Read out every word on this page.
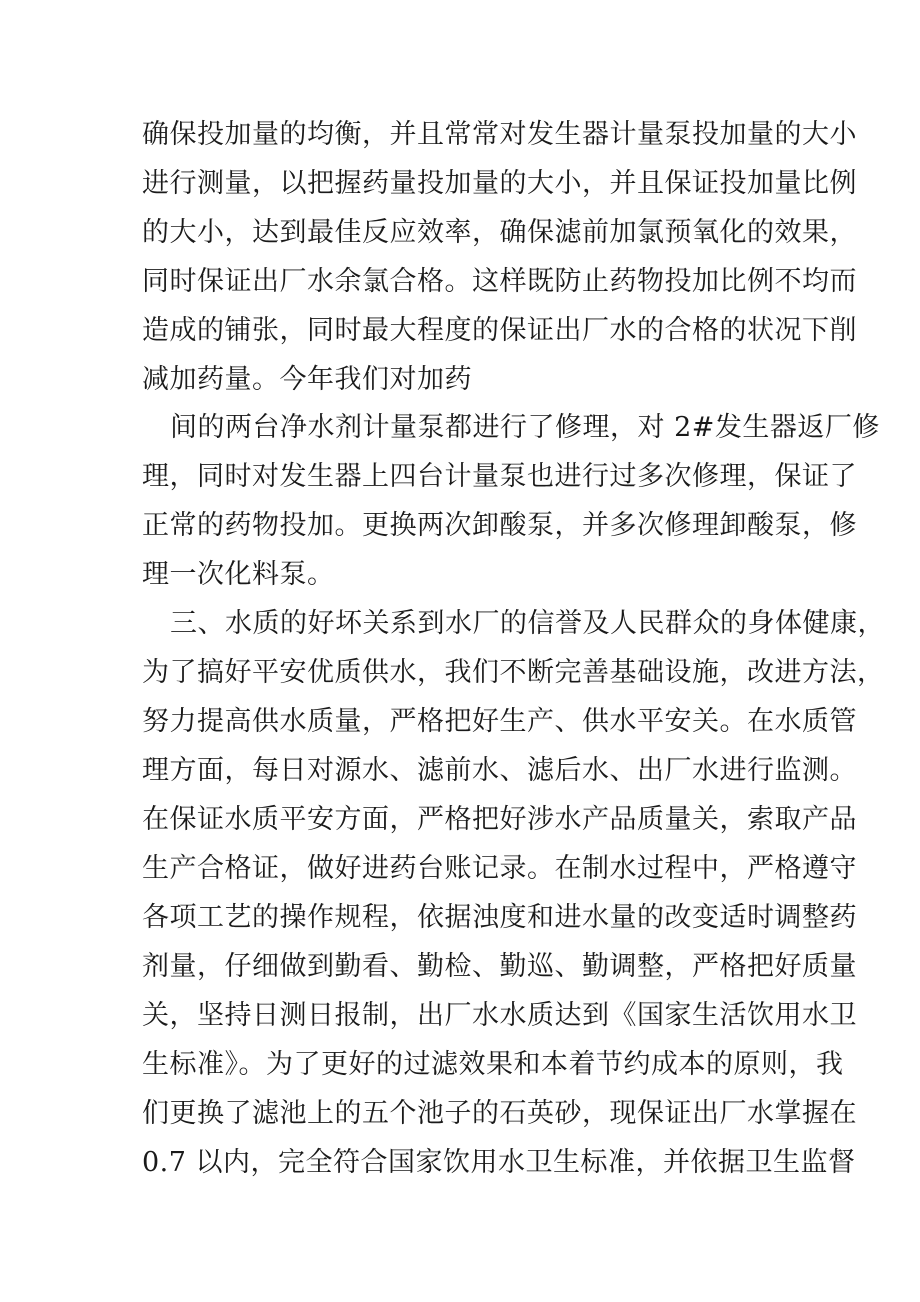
确保投加量的均衡，并且常常对发生器计量泵投加量的大小
进行测量，以把握药量投加量的大小，并且保证投加量比例
的大小，达到最佳反应效率，确保滤前加氯预氧化的效果，
同时保证出厂水余氯合格。这样既防止药物投加比例不均而
造成的铺张，同时最大程度的保证出厂水的合格的状况下削
减加药量。今年我们对加药
间的两台净水剂计量泵都进行了修理，对 2#发生器返厂修
理，同时对发生器上四台计量泵也进行过多次修理，保证了
正常的药物投加。更换两次卸酸泵，并多次修理卸酸泵，修
理一次化料泵。
三、水质的好坏关系到水厂的信誉及人民群众的身体健康，
为了搞好平安优质供水，我们不断完善基础设施，改进方法，
努力提高供水质量，严格把好生产、供水平安关。在水质管
理方面，每日对源水、滤前水、滤后水、出厂水进行监测。
在保证水质平安方面，严格把好涉水产品质量关，索取产品
生产合格证，做好进药台账记录。在制水过程中，严格遵守
各项工艺的操作规程，依据浊度和进水量的改变适时调整药
剂量，仔细做到勤看、勤检、勤巡、勤调整，严格把好质量
关，坚持日测日报制，出厂水水质达到《国家生活饮用水卫
生标准》。为了更好的过滤效果和本着节约成本的原则，我
们更换了滤池上的五个池子的石英砂，现保证出厂水掌握在
0.7 以内，完全符合国家饮用水卫生标准，并依据卫生监督
